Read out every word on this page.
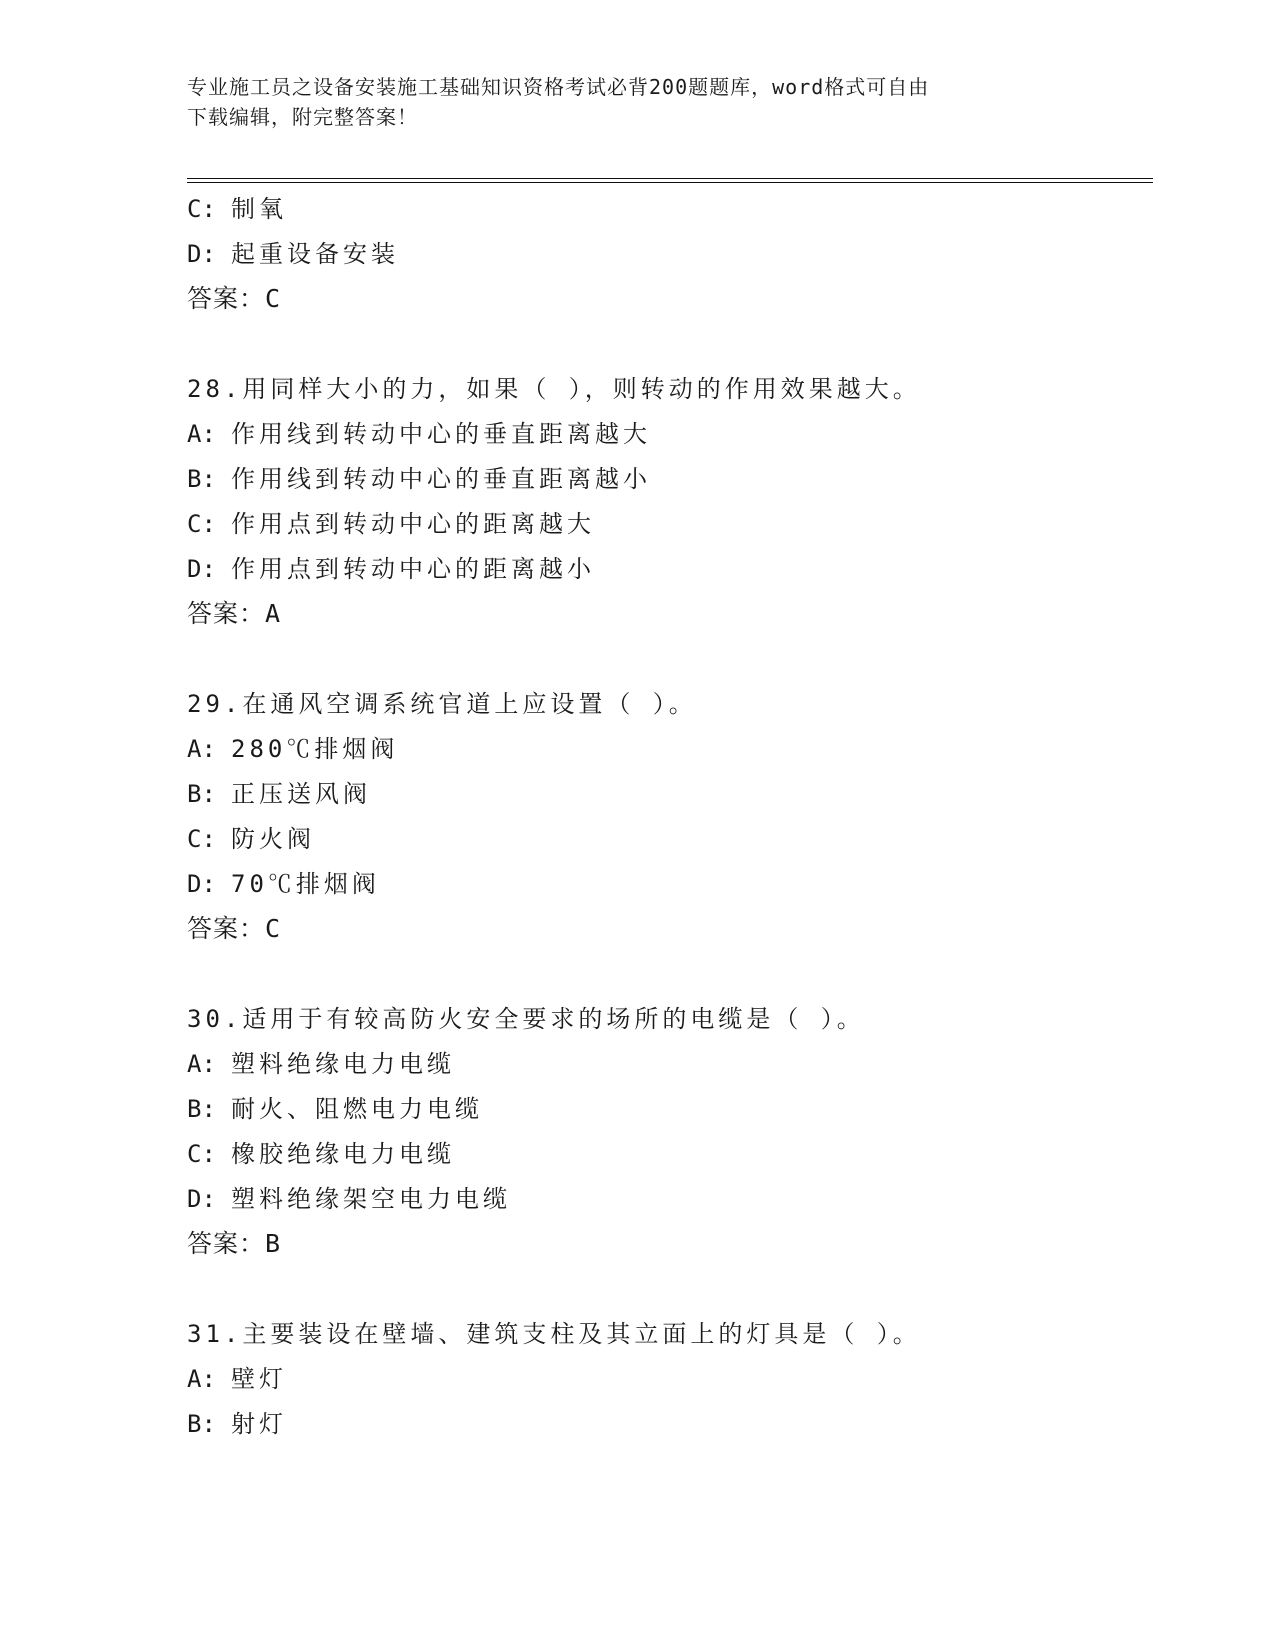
专业施工员之设备安装施工基础知识资格考试必背200题题库，word格式可自由
下载编辑，附完整答案！
C: 制氧
D: 起重设备安装
答案：C
28.用同样大小的力，如果（ ），则转动的作用效果越大。
A: 作用线到转动中心的垂直距离越大
B: 作用线到转动中心的垂直距离越小
C: 作用点到转动中心的距离越大
D: 作用点到转动中心的距离越小
答案：A
29.在通风空调系统官道上应设置（ ）。
A: 280℃排烟阀
B: 正压送风阀
C: 防火阀
D: 70℃排烟阀
答案：C
30.适用于有较高防火安全要求的场所的电缆是（ ）。
A: 塑料绝缘电力电缆
B: 耐火、阻燃电力电缆
C: 橡胶绝缘电力电缆
D: 塑料绝缘架空电力电缆
答案：B
31.主要装设在壁墙、建筑支柱及其立面上的灯具是（ ）。
A: 壁灯
B: 射灯
